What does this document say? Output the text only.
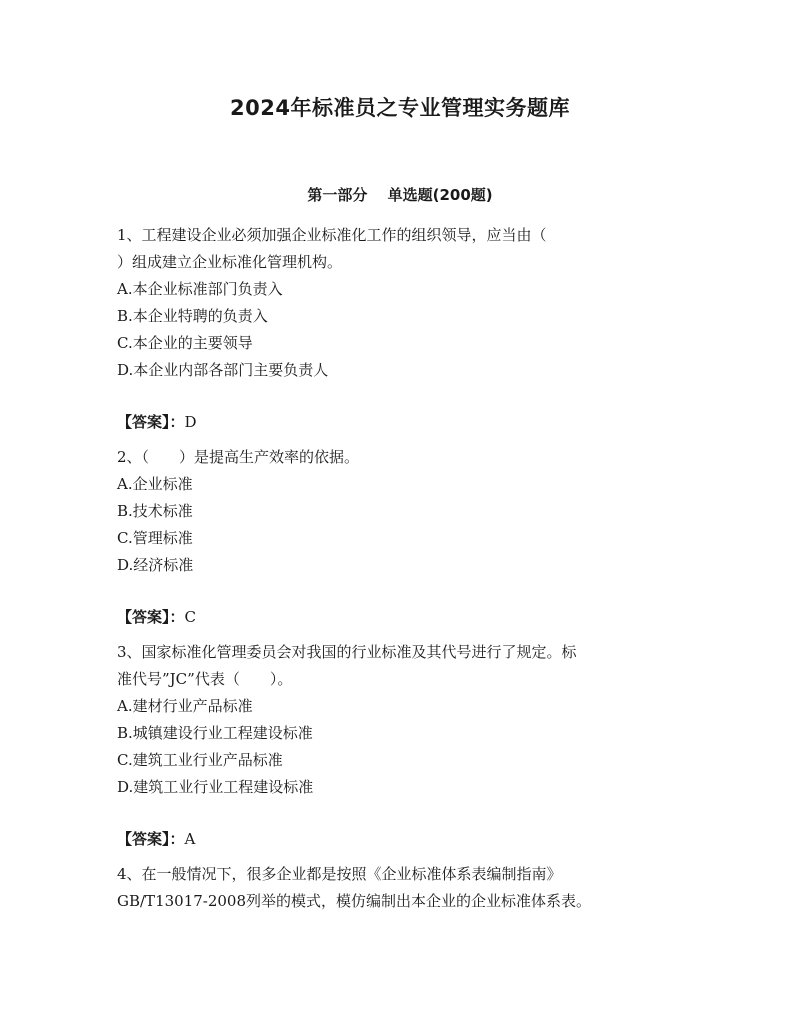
2024年标准员之专业管理实务题库
第一部分　 单选题(200题)

1、工程建设企业必须加强企业标准化工作的组织领导，应当由（

）组成建立企业标准化管理机构。

A.本企业标准部门负责入

B.本企业特聘的负责入

C.本企业的主要领导

D.本企业内部各部门主要负责人

【答案】：D

2、（　　）是提高生产效率的依据。

A.企业标准

B.技术标准

C.管理标准

D.经济标准

【答案】：C

3、国家标准化管理委员会对我国的行业标准及其代号进行了规定。标

准代号”JC”代表（　　）。

A.建材行业产品标准

B.城镇建设行业工程建设标准

C.建筑工业行业产品标准

D.建筑工业行业工程建设标准

【答案】：A

4、在一般情况下，很多企业都是按照《企业标准体系表编制指南》

GB/T13017-2008列举的模式，模仿编制出本企业的企业标准体系表。
